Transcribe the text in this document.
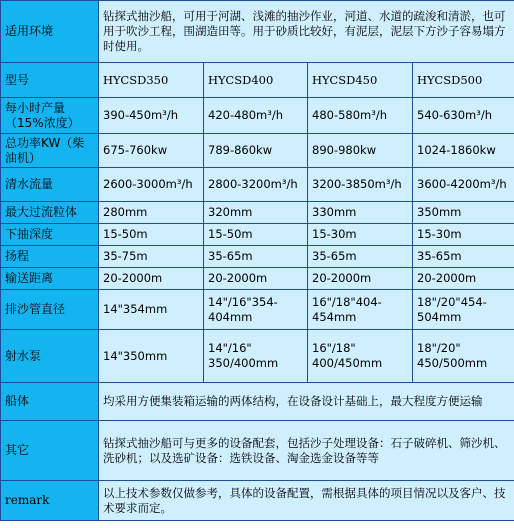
适用环境	钻探式抽沙船，可用于河湖、浅滩的抽沙作业，河道、水道的疏浚和清淤，也可用于吹沙工程，围湖造田等。用于砂质比较好，有泥层，泥层下方沙子容易塌方时使用。			
型号	HYCSD350	HYCSD400	HYCSD450	HYCSD500
每小时产量（15%浓度）	390-450m³/h	420-480m³/h	480-580m³/h	540-630m³/h
总功率KW（柴油机）	675-760kw	789-860kw	890-980kw	1024-1860kw
清水流量	2600-3000m³/h	2800-3200m³/h	3200-3850m³/h	3600-4200m³/h
最大过流粒体	280mm	320mm	330mm	350mm
下抽深度	15-50m	15-50m	15-30m	15-30m
扬程	35-75m	35-65m	35-65m	35-65m
输送距离	20-2000m	20-2000m	20-2000m	20-2000m
排沙管直径	14"354mm	14"/16"354-404mm	16"/18"404-454mm	18"/20"454-504mm
射水泵	14"350mm	14"/16" 350/400mm	16"/18" 400/450mm	18"/20" 450/500mm
船体	均采用方便集装箱运输的两体结构，在设备设计基础上，最大程度方便运输			
其它	钻探式抽沙船可与更多的设备配套，包括沙子处理设备：石子破碎机、筛沙机、洗砂机；以及选矿设备：选铁设备、淘金选金设备等等			
remark	以上技术参数仅做参考，具体的设备配置，需根据具体的项目情况以及客户、技术要求而定。			
